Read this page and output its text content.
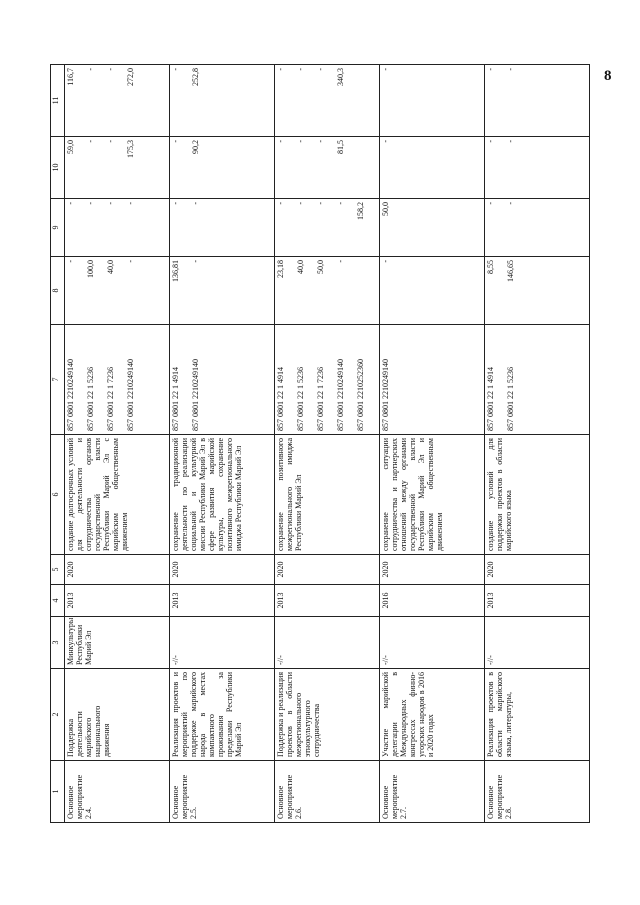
8
1	2	3	4	5	6	7	8	9	10	11
Основное мероприятие 2.4.	Поддержка деятельности марийского национального движения	Минкультуры Республики Марий Эл	2013	2020	создание долгосрочных условий для деятельности и сотрудничества органов государственной власти Республики Марий Эл с марийским общественным движением	857 0801 2210249140 857 0801 22 1 5236 857 0801 22 1 7236 857 0801 2210249140	- 100,0 40,0 -	- - - -	59,0 - - 175,3	116,7 - - 272,0

Основное мероприятие 2.5.	Реализация проектов и мероприятий по поддержке марийского народа в местах компактного проживания за пределами Республики Марий Эл	-//-	2013	2020	сохранение традиционной деятельности по реализации социальной и культурной миссии Республики Марий Эл в сфере развития марийской культуры, сохранение позитивного межрегионального имиджа Республики Марий Эл	857 0801 22 1 4914 857 0801 2210249140	136,81 -	- -	- 90,2	- 252,8

Основное мероприятие 2.6.	Поддержка и реализация проектов в области межрегионального этнокультурного сотрудничества	-//-	2013	2020	сохранение позитивного межрегионального имиджа Республики Марий Эл	857 0801 22 1 4914 857 0801 22 1 5236 857 0801 22 1 7236 857 0801 2210249140 857 0801 2210252360	23,18 40,0 50,0 -	- - - - 158,2	- - - 81,5	- - - 340,3

Основное мероприятие 2.7.	Участие марийской делегации в Международных конгрессах финно-угорских народов в 2016 и 2020 годах	-//-	2016	2020	сохранение ситуации сотрудничества и партнерских отношений между органами государственной власти Республики Марий Эл и марийским общественным движением	857 0801 2210249140	-	50,0	-	-

Основное мероприятие 2.8.	Реализация проектов в области марийского языка, литературы,	-//-	2013	2020	создание условий для поддержки проектов в области марийского языка	857 0801 22 1 4914 857 0801 22 1 5236	8,55 146,65	- -	- -	- -
